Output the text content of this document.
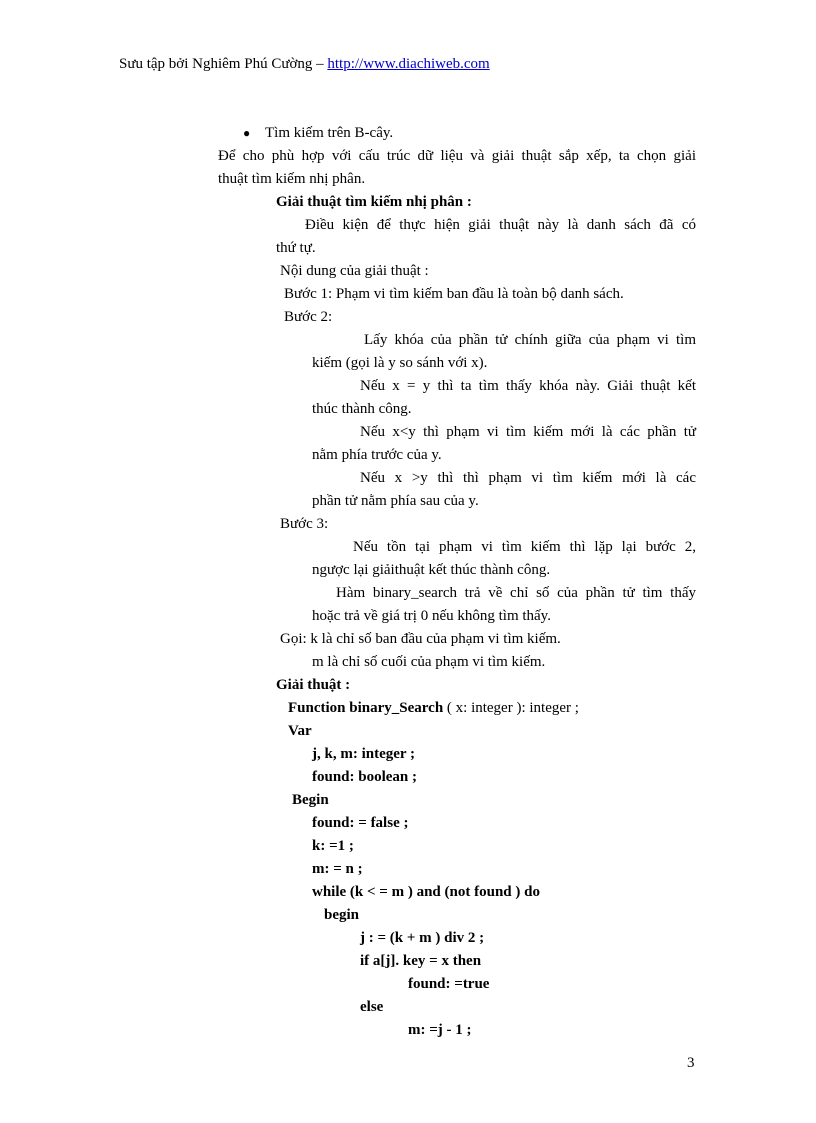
Sưu tập bởi Nghiêm Phú Cường – http://www.diachiweb.com
● Tìm kiếm trên B-cây.
Để cho phù hợp với cấu trúc dữ liệu và giải thuật sắp xếp, ta chọn giải
thuật tìm kiếm nhị phân.
Giải thuật tìm kiếm nhị phân :
Điều kiện để thực hiện giải thuật này là danh sách đã có
thứ tự.
Nội dung của giải thuật :
Bước 1: Phạm vi tìm kiếm ban đầu là toàn bộ danh sách.
Bước 2:
Lấy khóa của phần tử chính giữa của phạm vi tìm
kiếm (gọi là y so sánh với x).
Nếu x = y thì ta tìm thấy khóa này. Giải thuật kết
thúc thành công.
Nếu x<y thì phạm vi tìm kiếm mới là các phần tử
nằm phía trước của y.
Nếu x >y thì thì phạm vi tìm kiếm mới là các
phần tử nằm phía sau của y.
Bước 3:
Nếu tồn tại phạm vi tìm kiếm thì lặp lại bước 2,
ngược lại giảithuật kết thúc thành công.
Hàm binary_search trả về chỉ số của phần tử tìm thấy
hoặc trả về giá trị 0 nếu không tìm thấy.
Gọi: k là chỉ số ban đầu của phạm vi tìm kiếm.
m là chỉ số cuối của phạm vi tìm kiếm.
Giải thuật :
Function binary_Search ( x: integer ): integer ;
Var
j, k, m: integer ;
found: boolean ;
Begin
found: = false ;
k: =1 ;
m: = n ;
while (k < = m ) and (not found ) do
begin
j : = (k + m ) div 2 ;
if a[j]. key = x then
found: =true
else
m: =j - 1 ;
3
